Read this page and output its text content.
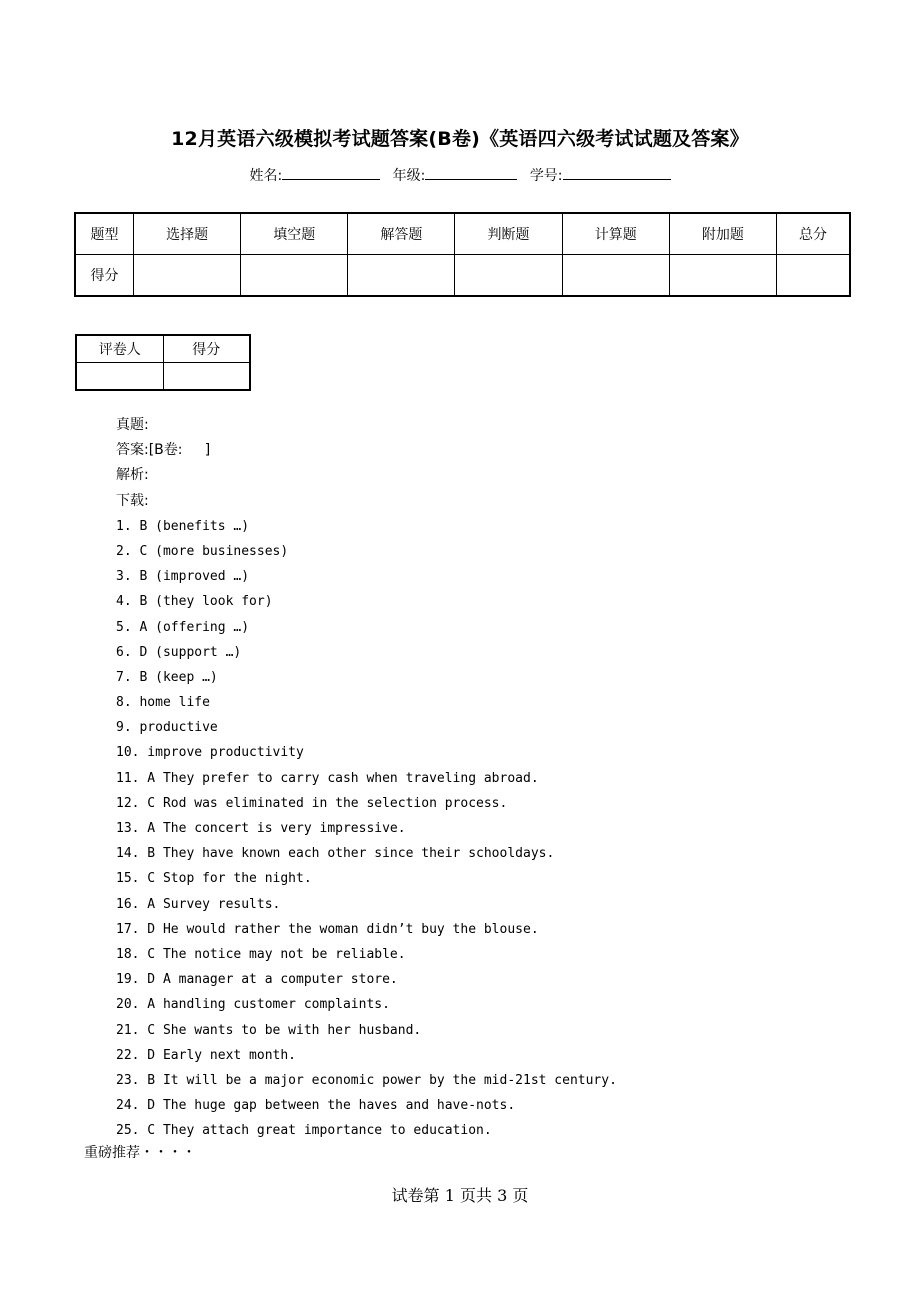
12月英语六级模拟考试题答案(B卷)《英语四六级考试试题及答案》
姓名:	年级:	学号:
题型	选择题	填空题	解答题	判断题	计算题	附加题	总分
得分							
评卷人	得分

真题:
答案:[B卷:     ]
解析:
下载:
1. B (benefits …)
2. C (more businesses)
3. B (improved …)
4. B (they look for)
5. A (offering …)
6. D (support …)
7. B (keep …)
8. home life
9. productive
10. improve productivity
11. A They prefer to carry cash when traveling abroad.
12. C Rod was eliminated in the selection process.
13. A The concert is very impressive.
14. B They have known each other since their schooldays.
15. C Stop for the night.
16. A Survey results.
17. D He would rather the woman didn’t buy the blouse.
18. C The notice may not be reliable.
19. D A manager at a computer store.
20. A handling customer complaints.
21. C She wants to be with her husband.
22. D Early next month.
23. B It will be a major economic power by the mid-21st century.
24. D The huge gap between the haves and have-nots.
25. C They attach great importance to education.
重磅推荐・・・・
试卷第 1 页共 3 页
